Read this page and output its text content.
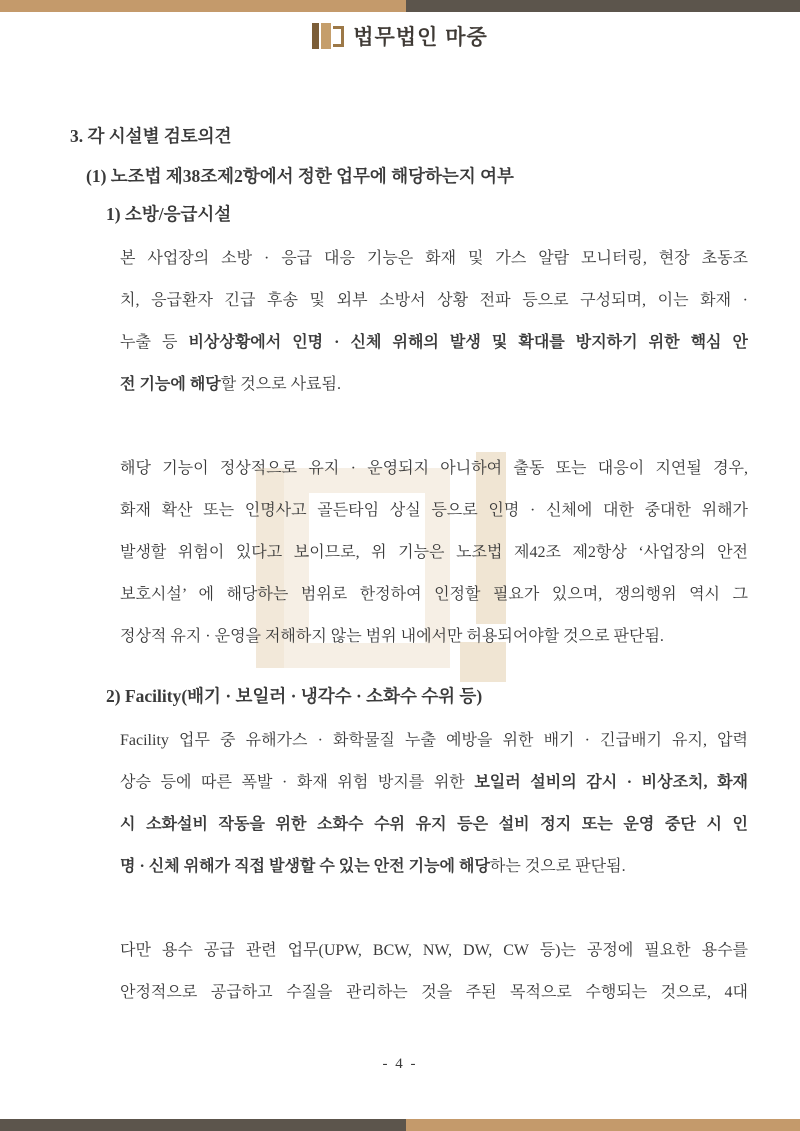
법무법인 마중
3. 각 시설별 검토의견
(1) 노조법 제38조제2항에서 정한 업무에 해당하는지 여부
1) 소방/응급시설
본 사업장의 소방 · 응급 대응 기능은 화재 및 가스 알람 모니터링, 현장 초동조
치, 응급환자 긴급 후송 및 외부 소방서 상황 전파 등으로 구성되며, 이는 화재 ·
누출 등 비상상황에서 인명 · 신체 위해의 발생 및 확대를 방지하기 위한 핵심 안
전 기능에 해당할 것으로 사료됨.
해당 기능이 정상적으로 유지 · 운영되지 아니하여 출동 또는 대응이 지연될 경우,
화재 확산 또는 인명사고 골든타임 상실 등으로 인명 · 신체에 대한 중대한 위해가
발생할 위험이 있다고 보이므로, 위 기능은 노조법 제42조 제2항상 ‘사업장의 안전
보호시설’ 에 해당하는 범위로 한정하여 인정할 필요가 있으며, 쟁의행위 역시 그
정상적 유지 · 운영을 저해하지 않는 범위 내에서만 허용되어야할 것으로 판단됨.
2) Facility(배기 · 보일러 · 냉각수 · 소화수 수위 등)
Facility 업무 중 유해가스 · 화학물질 누출 예방을 위한 배기 · 긴급배기 유지, 압력
상승 등에 따른 폭발 · 화재 위험 방지를 위한 보일러 설비의 감시 · 비상조치, 화재
시 소화설비 작동을 위한 소화수 수위 유지 등은 설비 정지 또는 운영 중단 시 인
명 · 신체 위해가 직접 발생할 수 있는 안전 기능에 해당하는 것으로 판단됨.
다만 용수 공급 관련 업무(UPW, BCW, NW, DW, CW 등)는 공정에 필요한 용수를
안정적으로 공급하고 수질을 관리하는 것을 주된 목적으로 수행되는 것으로, 4대
- 4 -
